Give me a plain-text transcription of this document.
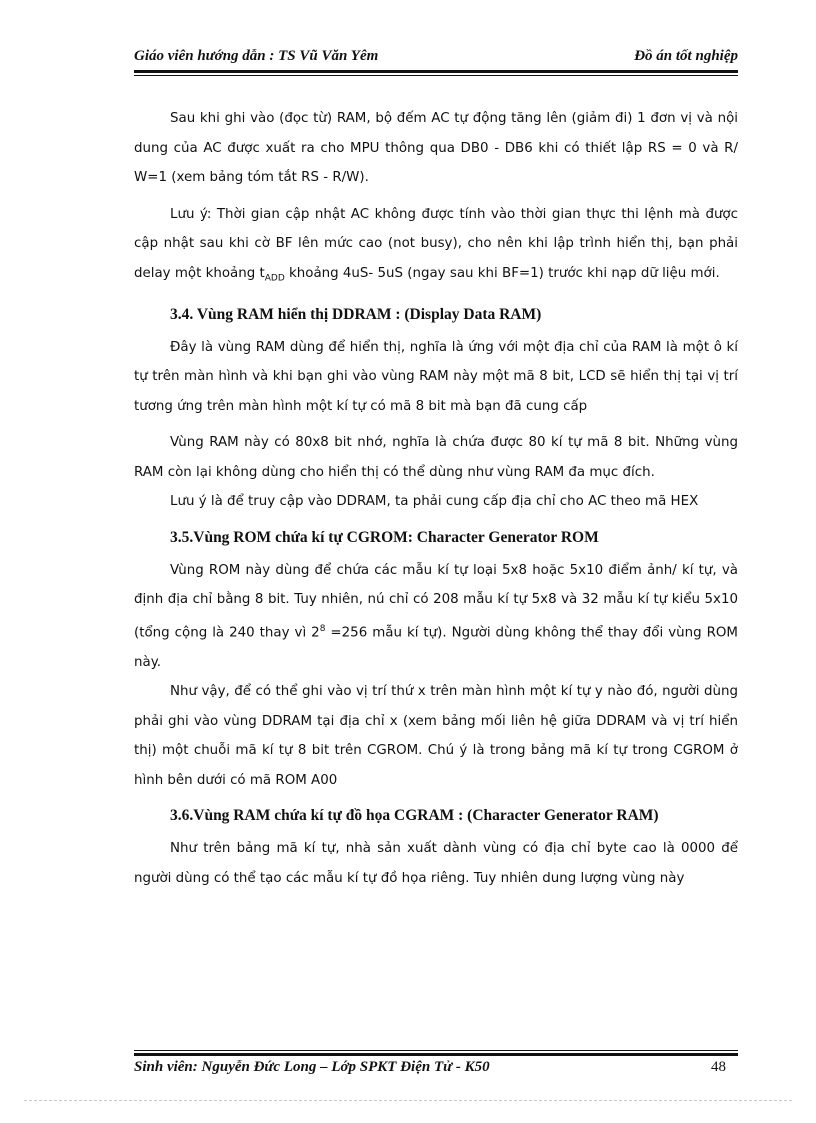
Giáo viên hướng dẫn : TS Vũ Văn Yêm	Đồ án tốt nghiệp

Sau khi ghi vào (đọc từ) RAM, bộ đếm AC tự động tăng lên (giảm đi) 1 đơn vị và nội dung của AC được xuất ra cho MPU thông qua DB0 - DB6 khi có thiết lập RS = 0 và R/ W=1 (xem bảng tóm tắt RS - R/W).

Lưu ý: Thời gian cập nhật AC không được tính vào thời gian thực thi lệnh mà được cập nhật sau khi cờ BF lên mức cao (not busy), cho nên khi lập trình hiển thị, bạn phải delay một khoảng $t_{ADD}$ khoảng 4uS- 5uS (ngay sau khi BF=1) trước khi nạp dữ liệu mới.

3.4. Vùng RAM hiển thị DDRAM : (Display Data RAM)

Đây là vùng RAM dùng để hiển thị, nghĩa là ứng với một địa chỉ của RAM là một ô kí tự trên màn hình và khi bạn ghi vào vùng RAM này một mã 8 bit, LCD sẽ hiển thị tại vị trí tương ứng trên màn hình một kí tự có mã 8 bit mà bạn đã cung cấp

Vùng RAM này có 80x8 bit nhớ, nghĩa là chứa được 80 kí tự mã 8 bit. Những vùng RAM còn lại không dùng cho hiển thị có thể dùng như vùng RAM đa mục đích.

Lưu ý là để truy cập vào DDRAM, ta phải cung cấp địa chỉ cho AC theo mã HEX

3.5.Vùng ROM chứa kí tự CGROM: Character Generator ROM

Vùng ROM này dùng để chứa các mẫu kí tự loại 5x8 hoặc 5x10 điểm ảnh/ kí tự, và định địa chỉ bằng 8 bit. Tuy nhiên, nú chỉ có 208 mẫu kí tự 5x8 và 32 mẫu kí tự kiểu 5x10 (tổng cộng là 240 thay vì $2^8 =256$ mẫu kí tự). Người dùng không thể thay đổi vùng ROM này.

Như vậy, để có thể ghi vào vị trí thứ x trên màn hình một kí tự y nào đó, người dùng phải ghi vào vùng DDRAM tại địa chỉ x (xem bảng mối liên hệ giữa DDRAM và vị trí hiển thị) một chuỗi mã kí tự 8 bit trên CGROM. Chú ý là trong bảng mã kí tự trong CGROM ở hình bên dưới có mã ROM A00

3.6.Vùng RAM chứa kí tự đồ họa CGRAM : (Character Generator RAM)

Như trên bảng mã kí tự, nhà sản xuất dành vùng có địa chỉ byte cao là 0000 để người dùng có thể tạo các mẫu kí tự đồ họa riêng. Tuy nhiên dung lượng vùng này

Sinh viên: Nguyễn Đức Long – Lớp SPKT Điện Tử - K50	48
